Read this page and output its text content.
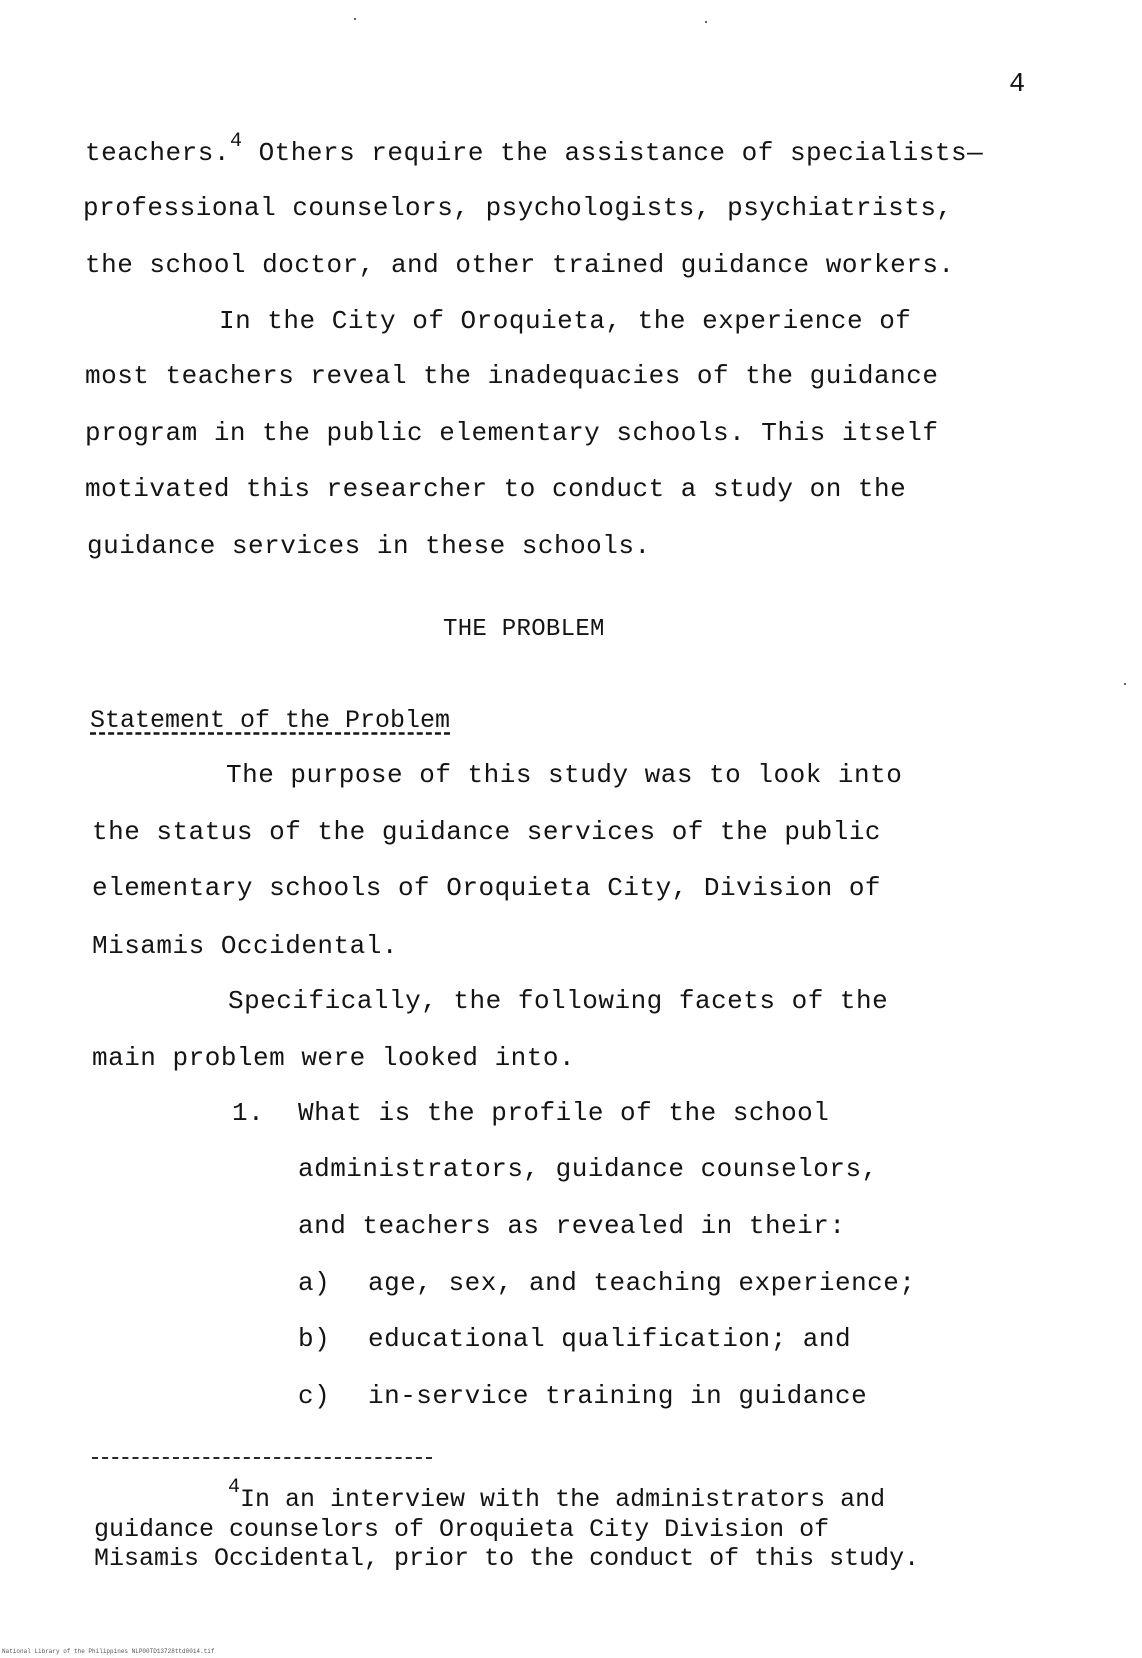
4
teachers.$^4$ Others require the assistance of specialists—
professional counselors, psychologists, psychiatrists,
the school doctor, and other trained guidance workers.
In the City of Oroquieta, the experience of
most teachers reveal the inadequacies of the guidance
program in the public elementary schools. This itself
motivated this researcher to conduct a study on the
guidance services in these schools.
THE PROBLEM
Statement of the Problem
The purpose of this study was to look into
the status of the guidance services of the public
elementary schools of Oroquieta City, Division of
Misamis Occidental.
Specifically, the following facets of the
main problem were looked into.
1. What is the profile of the school
administrators, guidance counselors,
and teachers as revealed in their:
a) age, sex, and teaching experience;
b) educational qualification; and
c) in-service training in guidance
$^4$In an interview with the administrators and
guidance counselors of Oroquieta City Division of
Misamis Occidental, prior to the conduct of this study.
National Library of the Philippines NLP00TD13728ttd0014.tif
